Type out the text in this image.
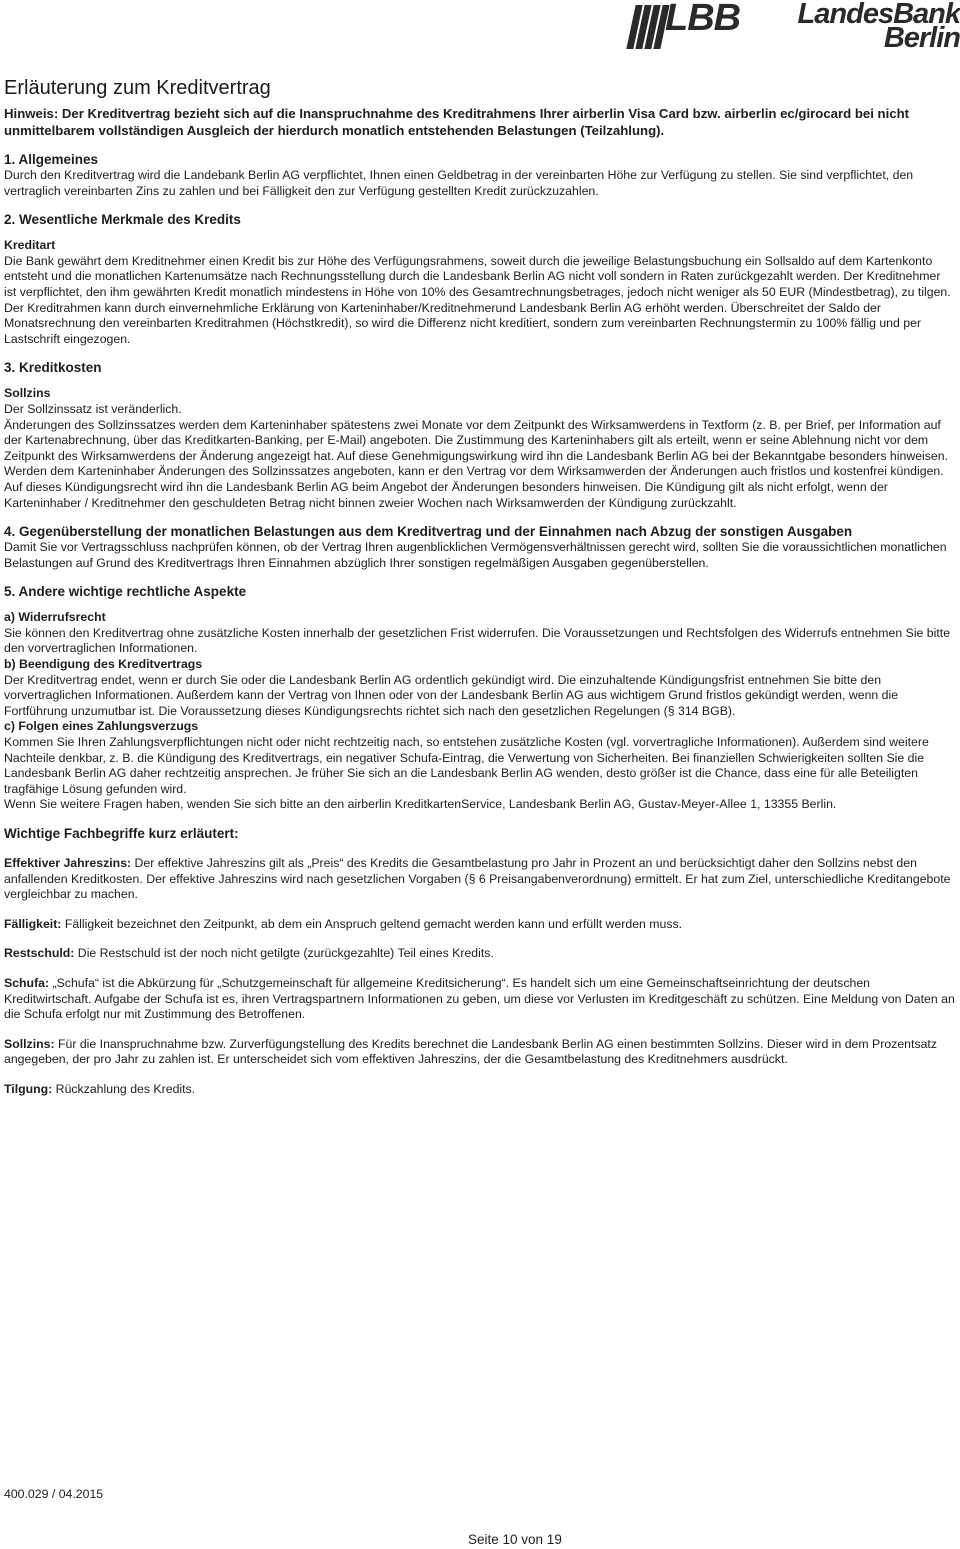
LBB LandesBank
Berlin
Erläuterung zum Kreditvertrag

Hinweis: Der Kreditvertrag bezieht sich auf die Inanspruchnahme des Kreditrahmens Ihrer airberlin Visa Card bzw. airberlin ec/girocard bei nicht unmittelbarem vollständigen Ausgleich der hierdurch monatlich entstehenden Belastungen (Teilzahlung).

1. Allgemeines

Durch den Kreditvertrag wird die Landebank Berlin AG verpflichtet, Ihnen einen Geldbetrag in der vereinbarten Höhe zur Verfügung zu stellen. Sie sind verpflichtet, den vertraglich vereinbarten Zins zu zahlen und bei Fälligkeit den zur Verfügung gestellten Kredit zurückzuzahlen.

2. Wesentliche Merkmale des Kredits

Kreditart

Die Bank gewährt dem Kreditnehmer einen Kredit bis zur Höhe des Verfügungsrahmens, soweit durch die jeweilige Belastungsbuchung ein Sollsaldo auf dem Kartenkonto entsteht und die monatlichen Kartenumsätze nach Rechnungsstellung durch die Landesbank Berlin AG nicht voll sondern in Raten zurückgezahlt werden. Der Kreditnehmer ist verpflichtet, den ihm gewährten Kredit monatlich mindestens in Höhe von 10% des Gesamtrechnungsbetrages, jedoch nicht weniger als 50 EUR (Mindestbetrag), zu tilgen. Der Kreditrahmen kann durch einvernehmliche Erklärung von Karteninhaber/Kreditnehmerund Landesbank Berlin AG erhöht werden. Überschreitet der Saldo der Monatsrechnung den vereinbarten Kreditrahmen (Höchstkredit), so wird die Differenz nicht kreditiert, sondern zum vereinbarten Rechnungstermin zu 100% fällig und per Lastschrift eingezogen.

3. Kreditkosten

Sollzins

Der Sollzinssatz ist veränderlich.

Änderungen des Sollzinssatzes werden dem Karteninhaber spätestens zwei Monate vor dem Zeitpunkt des Wirksamwerdens in Textform (z. B. per Brief, per Information auf der Kartenabrechnung, über das Kreditkarten-Banking, per E-Mail) angeboten. Die Zustimmung des Karteninhabers gilt als erteilt, wenn er seine Ablehnung nicht vor dem Zeitpunkt des Wirksamwerdens der Änderung angezeigt hat. Auf diese Genehmigungswirkung wird ihn die Landesbank Berlin AG bei der Bekanntgabe besonders hinweisen. Werden dem Karteninhaber Änderungen des Sollzinssatzes angeboten, kann er den Vertrag vor dem Wirksamwerden der Änderungen auch fristlos und kostenfrei kündigen. Auf dieses Kündigungsrecht wird ihn die Landesbank Berlin AG beim Angebot der Änderungen besonders hinweisen. Die Kündigung gilt als nicht erfolgt, wenn der Karteninhaber / Kreditnehmer den geschuldeten Betrag nicht binnen zweier Wochen nach Wirksamwerden der Kündigung zurückzahlt.

4. Gegenüberstellung der monatlichen Belastungen aus dem Kreditvertrag und der Einnahmen nach Abzug der sonstigen Ausgaben

Damit Sie vor Vertragsschluss nachprüfen können, ob der Vertrag Ihren augenblicklichen Vermögensverhältnissen gerecht wird, sollten Sie die voraussichtlichen monatlichen Belastungen auf Grund des Kreditvertrags Ihren Einnahmen abzüglich Ihrer sonstigen regelmäßigen Ausgaben gegenüberstellen.

5. Andere wichtige rechtliche Aspekte

a) Widerrufsrecht

Sie können den Kreditvertrag ohne zusätzliche Kosten innerhalb der gesetzlichen Frist widerrufen. Die Voraussetzungen und Rechtsfolgen des Widerrufs entnehmen Sie bitte den vorvertraglichen Informationen.

b) Beendigung des Kreditvertrags

Der Kreditvertrag endet, wenn er durch Sie oder die Landesbank Berlin AG ordentlich gekündigt wird. Die einzuhaltende Kündigungsfrist entnehmen Sie bitte den vorvertraglichen Informationen. Außerdem kann der Vertrag von Ihnen oder von der Landesbank Berlin AG aus wichtigem Grund fristlos gekündigt werden, wenn die Fortführung unzumutbar ist. Die Voraussetzung dieses Kündigungsrechts richtet sich nach den gesetzlichen Regelungen (§ 314 BGB).

c) Folgen eines Zahlungsverzugs

Kommen Sie Ihren Zahlungsverpflichtungen nicht oder nicht rechtzeitig nach, so entstehen zusätzliche Kosten (vgl. vorvertragliche Informationen). Außerdem sind weitere Nachteile denkbar, z. B. die Kündigung des Kreditvertrags, ein negativer Schufa-Eintrag, die Verwertung von Sicherheiten. Bei finanziellen Schwierigkeiten sollten Sie die Landesbank Berlin AG daher rechtzeitig ansprechen. Je früher Sie sich an die Landesbank Berlin AG wenden, desto größer ist die Chance, dass eine für alle Beteiligten tragfähige Lösung gefunden wird.

Wenn Sie weitere Fragen haben, wenden Sie sich bitte an den airberlin KreditkartenService, Landesbank Berlin AG, Gustav-Meyer-Allee 1, 13355 Berlin.

Wichtige Fachbegriffe kurz erläutert:

Effektiver Jahreszins: Der effektive Jahreszins gilt als „Preis“ des Kredits die Gesamtbelastung pro Jahr in Prozent an und berücksichtigt daher den Sollzins nebst den anfallenden Kreditkosten. Der effektive Jahreszins wird nach gesetzlichen Vorgaben (§ 6 Preisangabenverordnung) ermittelt. Er hat zum Ziel, unterschiedliche Kreditangebote vergleichbar zu machen.

Fälligkeit: Fälligkeit bezeichnet den Zeitpunkt, ab dem ein Anspruch geltend gemacht werden kann und erfüllt werden muss.

Restschuld: Die Restschuld ist der noch nicht getilgte (zurückgezahlte) Teil eines Kredits.

Schufa: „Schufa“ ist die Abkürzung für „Schutzgemeinschaft für allgemeine Kreditsicherung“. Es handelt sich um eine Gemeinschaftseinrichtung der deutschen Kreditwirtschaft. Aufgabe der Schufa ist es, ihren Vertragspartnern Informationen zu geben, um diese vor Verlusten im Kreditgeschäft zu schützen. Eine Meldung von Daten an die Schufa erfolgt nur mit Zustimmung des Betroffenen.

Sollzins: Für die Inanspruchnahme bzw. Zurverfügungstellung des Kredits berechnet die Landesbank Berlin AG einen bestimmten Sollzins. Dieser wird in dem Prozentsatz angegeben, der pro Jahr zu zahlen ist. Er unterscheidet sich vom effektiven Jahreszins, der die Gesamtbelastung des Kreditnehmers ausdrückt.

Tilgung: Rückzahlung des Kredits.

400.029 / 04.2015
Seite 10 von 19
